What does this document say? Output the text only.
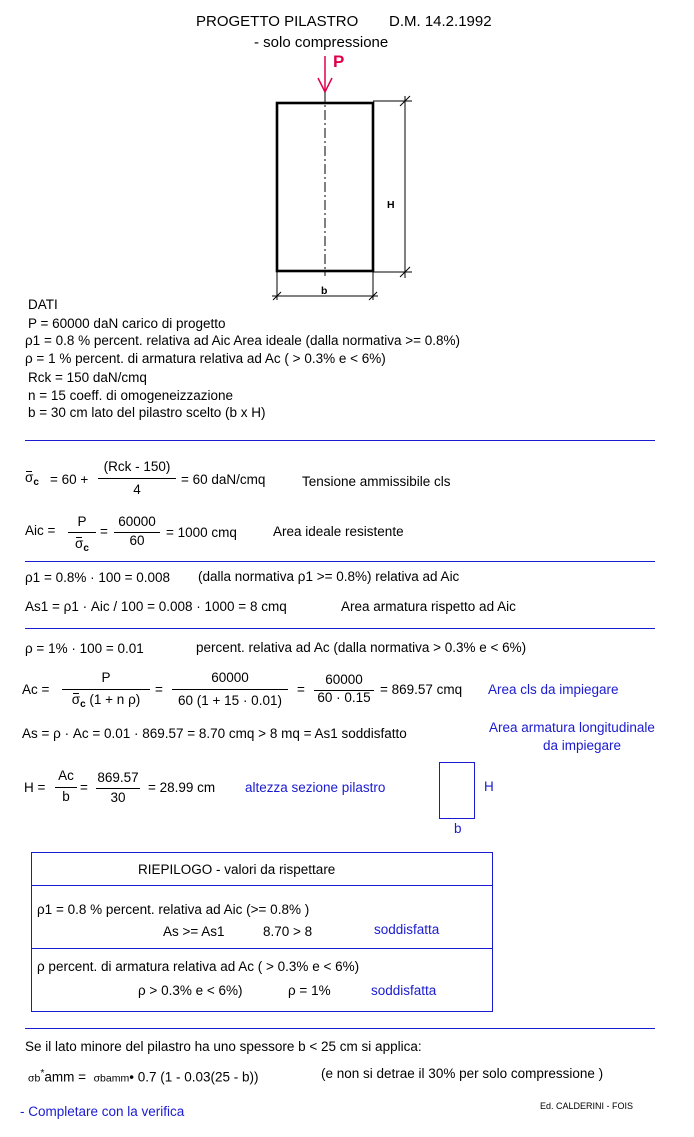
PROGETTO PILASTRO D.M. 14.2.1992
- solo compressione
P
H
b
DATI
P = 60000 daN carico di progetto
ρ1 = 0.8 % percent. relativa ad Aic Area ideale (dalla normativa >= 0.8%)
ρ = 1 % percent. di armatura relativa ad Ac ( > 0.3% e < 6%)
Rck = 150 daN/cmq
n = 15 coeff. di omogeneizzazione
b = 30 cm lato del pilastro scelto (b x H)
$\sigma_c = 60$ +
(Rck - 150)
4
= 60 daN/cmq	Tensione ammissibile cls
Aic =
P
$\sigma_c$
=
60000
60
= 1000 cmq	Area ideale resistente
ρ1 = 0.8% · 100 = 0.008 (dalla normativa ρ1 >= 0.8%) relativa ad Aic
As1 = ρ1 · Aic / 100 = 0.008 · 1000 = 8 cmq	Area armatura rispetto ad Aic
ρ = 1% · 100 = 0.01	percent. relativa ad Ac (dalla normativa > 0.3% e < 6%)
Ac =
P
$\sigma_c$ (1 + n ρ)
=
60000
60 (1 + 15 · 0.01)
=
60000
60 · 0.15
= 869.57 cmq Area cls da impiegare
As = ρ · Ac = 0.01 · 869.57 = 8.70 cmq > 8 mq = As1 soddisfatto	Area armatura longitudinale
da impiegare
H =
Ac
b
=
869.57
30
= 28.99 cm altezza sezione pilastro	H
b
RIEPILOGO - valori da rispettare
ρ1 = 0.8 % percent. relativa ad Aic (>= 0.8% )
As >= As1	8.70 > 8	soddisfatta
ρ percent. di armatura relativa ad Ac ( > 0.3% e < 6%)
ρ > 0.3% e < 6%)	ρ = 1%	soddisfatta
Se il lato minore del pilastro ha uno spessore b < 25 cm si applica:
σb*amm = σbamm• 0.7 (1 - 0.03(25 - b))	(e non si detrae il 30% per solo compressione )
- Completare con la verifica	Ed. CALDERINI - FOIS
